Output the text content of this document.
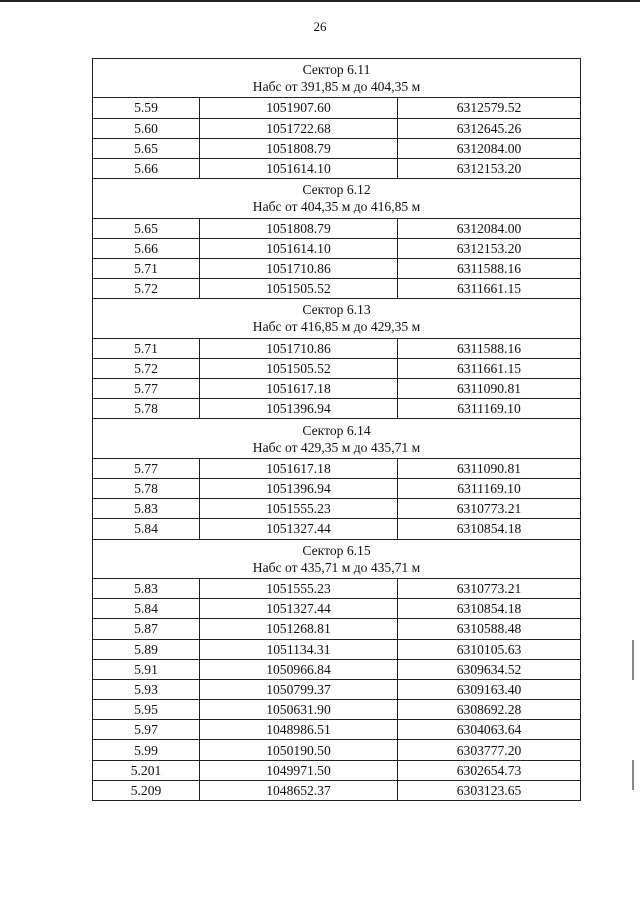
26
Сектор 6.11
Набс от 391,85 м до 404,35 м		

5.59	1051907.60	6312579.52
5.60	1051722.68	6312645.26
5.65	1051808.79	6312084.00
5.66	1051614.10	6312153.20

Сектор 6.12
Набс от 404,35 м до 416,85 м		

5.65	1051808.79	6312084.00
5.66	1051614.10	6312153.20
5.71	1051710.86	6311588.16
5.72	1051505.52	6311661.15

Сектор 6.13
Набс от 416,85 м до 429,35 м		

5.71	1051710.86	6311588.16
5.72	1051505.52	6311661.15
5.77	1051617.18	6311090.81
5.78	1051396.94	6311169.10

Сектор 6.14
Набс от 429,35 м до 435,71 м		

5.77	1051617.18	6311090.81
5.78	1051396.94	6311169.10
5.83	1051555.23	6310773.21
5.84	1051327.44	6310854.18

Сектор 6.15
Набс от 435,71 м до 435,71 м		

5.83	1051555.23	6310773.21
5.84	1051327.44	6310854.18
5.87	1051268.81	6310588.48
5.89	1051134.31	6310105.63
5.91	1050966.84	6309634.52
5.93	1050799.37	6309163.40
5.95	1050631.90	6308692.28
5.97	1048986.51	6304063.64
5.99	1050190.50	6303777.20
5.201	1049971.50	6302654.73
5.209	1048652.37	6303123.65
